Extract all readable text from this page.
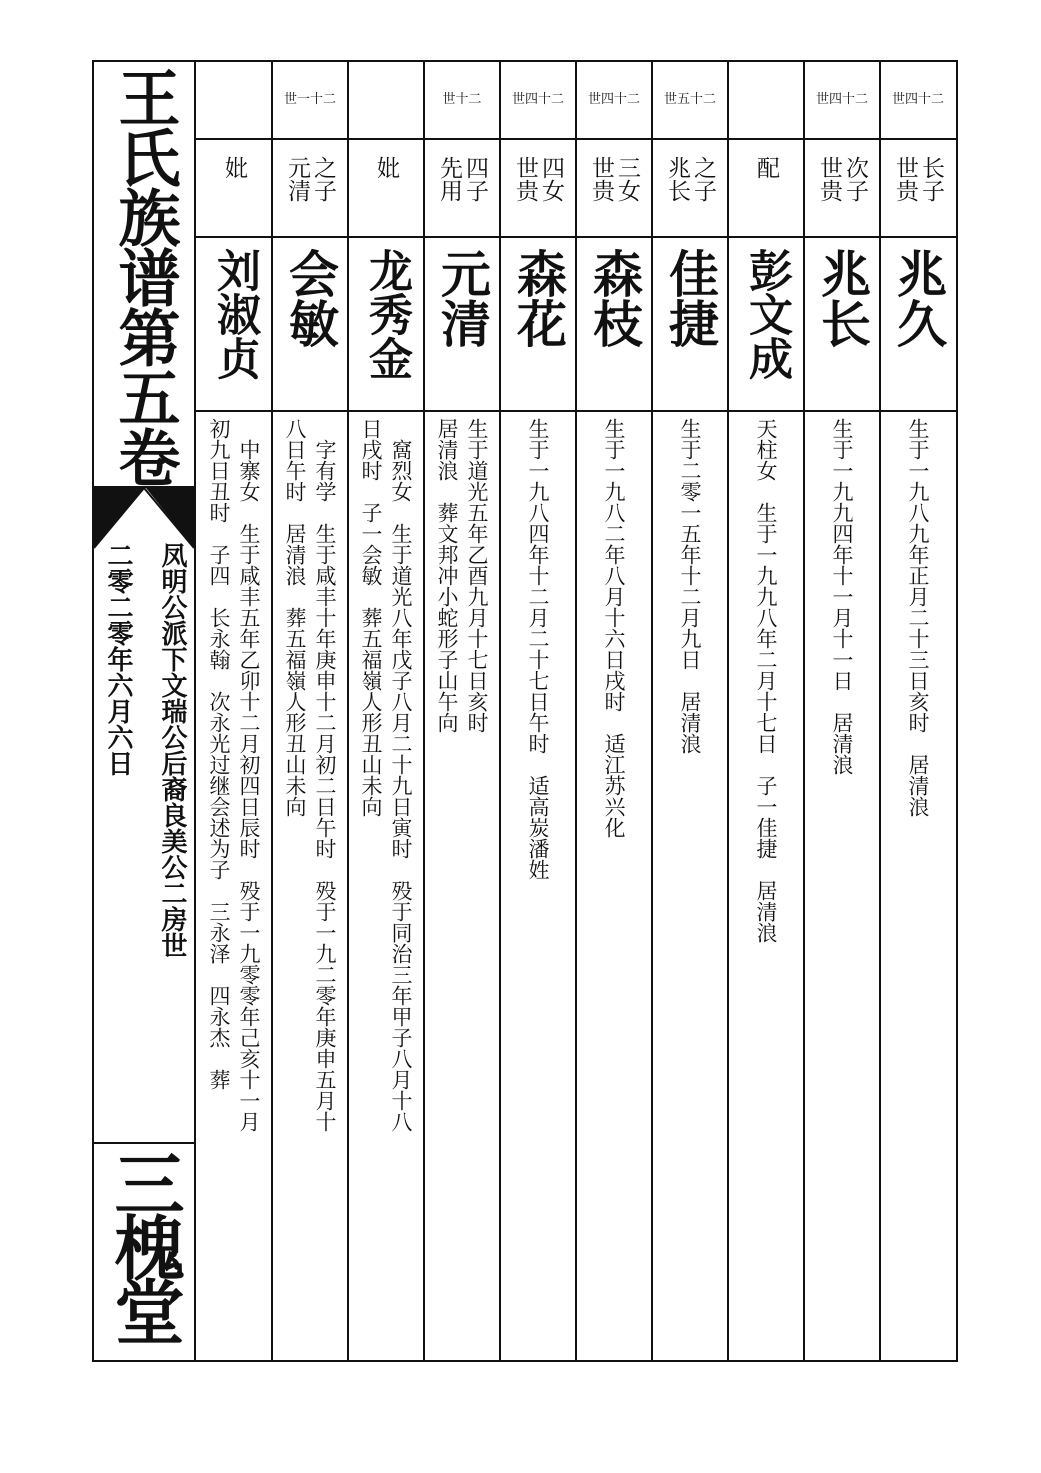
王氏族谱第五卷
凤明公派下文瑞公后裔良美公二房世
二零二零年六月六日
三槐堂
世四十二
长子
世贵
兆久
生于一九八九年正月二十三日亥时　居清浪
世四十二
次子
世贵
兆长
生于一九九四年十一月十一日　居清浪
配
彭文成
天柱女　生于一九九八年二月十七日　子一佳捷　居清浪
世五十二
之子
兆长
佳捷
生于二零一五年十二月九日　居清浪
世四十二
三女
世贵
森枝
生于一九八二年八月十六日戌时　适江苏兴化
世四十二
四女
世贵
森花
生于一九八四年十二月二十七日午时　适高炭潘姓
世十二
四子
先用
元清
生于道光五年乙酉九月十七日亥时
居清浪　葬文邦冲小蛇形子山午向
妣
龙秀金
　窩烈女　生于道光八年戊子八月二十九日寅时　殁于同治三年甲子八月十八
日戌时　子一会敏　葬五福嶺人形丑山未向
世一十二
之子
元清
会敏
　字有学　生于咸丰十年庚申十二月初二日午时　殁于一九二零年庚申五月十
八日午时　居清浪　葬五福嶺人形丑山未向
妣
刘淑贞
　中寨女　生于咸丰五年乙卯十二月初四日辰时　殁于一九零零年己亥十一月
初九日丑时　子四　长永翰　次永光过继会述为子　三永泽　四永杰　葬
